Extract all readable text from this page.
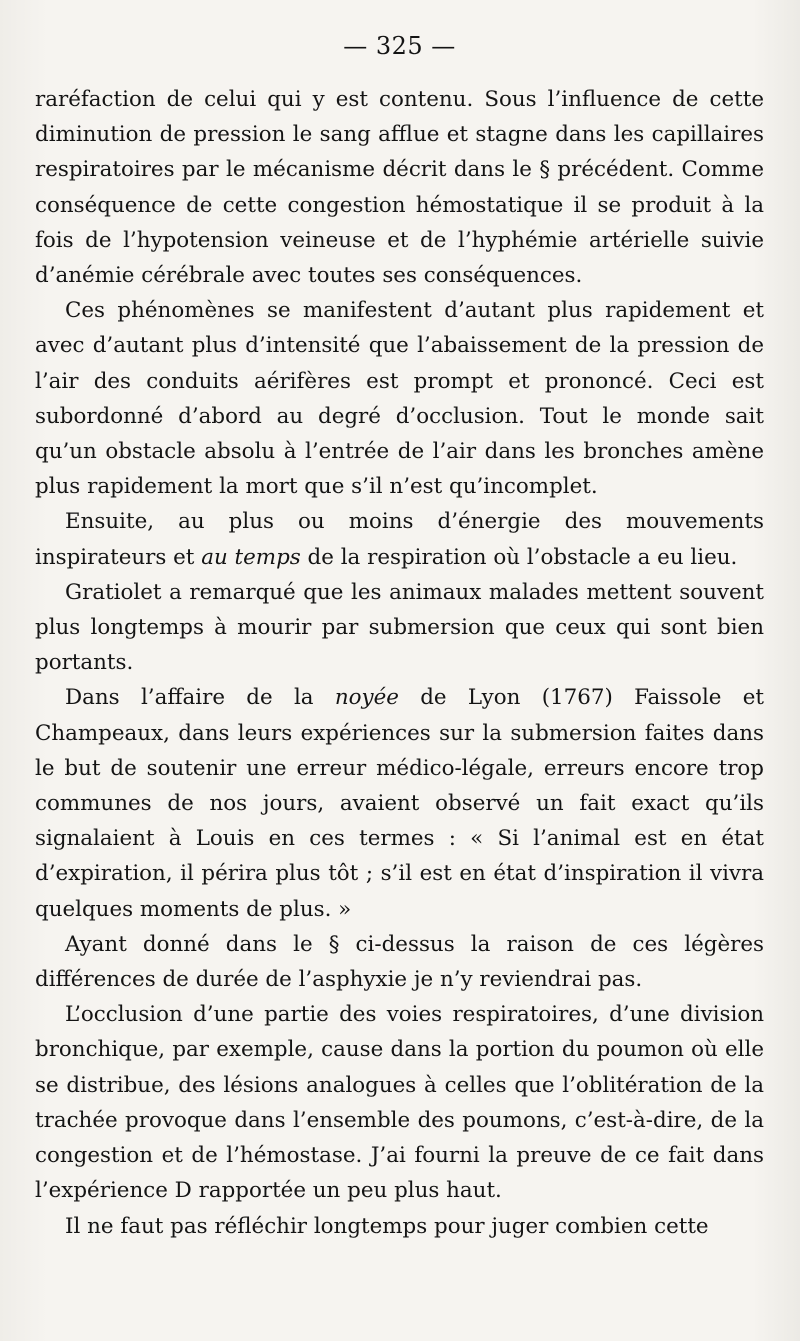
— 325 —

raréfaction de celui qui y est contenu. Sous l’influence de cette diminution de pression le sang afflue et stagne dans les capillaires respiratoires par le mécanisme décrit dans le § précédent. Comme conséquence de cette congestion hémostatique il se produit à la fois de l’hypotension veineuse et de l’hyphémie artérielle suivie d’anémie cérébrale avec toutes ses conséquences.

Ces phénomènes se manifestent d’autant plus rapidement et avec d’autant plus d’intensité que l’abaissement de la pression de l’air des conduits aérifères est prompt et prononcé. Ceci est subordonné d’abord au degré d’occlusion. Tout le monde sait qu’un obstacle absolu à l’entrée de l’air dans les bronches amène plus rapidement la mort que s’il n’est qu’incomplet.

Ensuite, au plus ou moins d’énergie des mouvements inspirateurs et au temps de la respiration où l’obstacle a eu lieu.

Gratiolet a remarqué que les animaux malades mettent souvent plus longtemps à mourir par submersion que ceux qui sont bien portants.

Dans l’affaire de la noyée de Lyon (1767) Faissole et Champeaux, dans leurs expériences sur la submersion faites dans le but de soutenir une erreur médico-légale, erreurs encore trop communes de nos jours, avaient observé un fait exact qu’ils signalaient à Louis en ces termes : « Si l’animal est en état d’expiration, il périra plus tôt ; s’il est en état d’inspiration il vivra quelques moments de plus. »

Ayant donné dans le § ci-dessus la raison de ces légères différences de durée de l’asphyxie je n’y reviendrai pas.

L’occlusion d’une partie des voies respiratoires, d’une division bronchique, par exemple, cause dans la portion du poumon où elle se distribue, des lésions analogues à celles que l’oblitération de la trachée provoque dans l’ensemble des poumons, c’est-à-dire, de la congestion et de l’hémostase. J’ai fourni la preuve de ce fait dans l’expérience D rapportée un peu plus haut.

Il ne faut pas réfléchir longtemps pour juger combien cette
